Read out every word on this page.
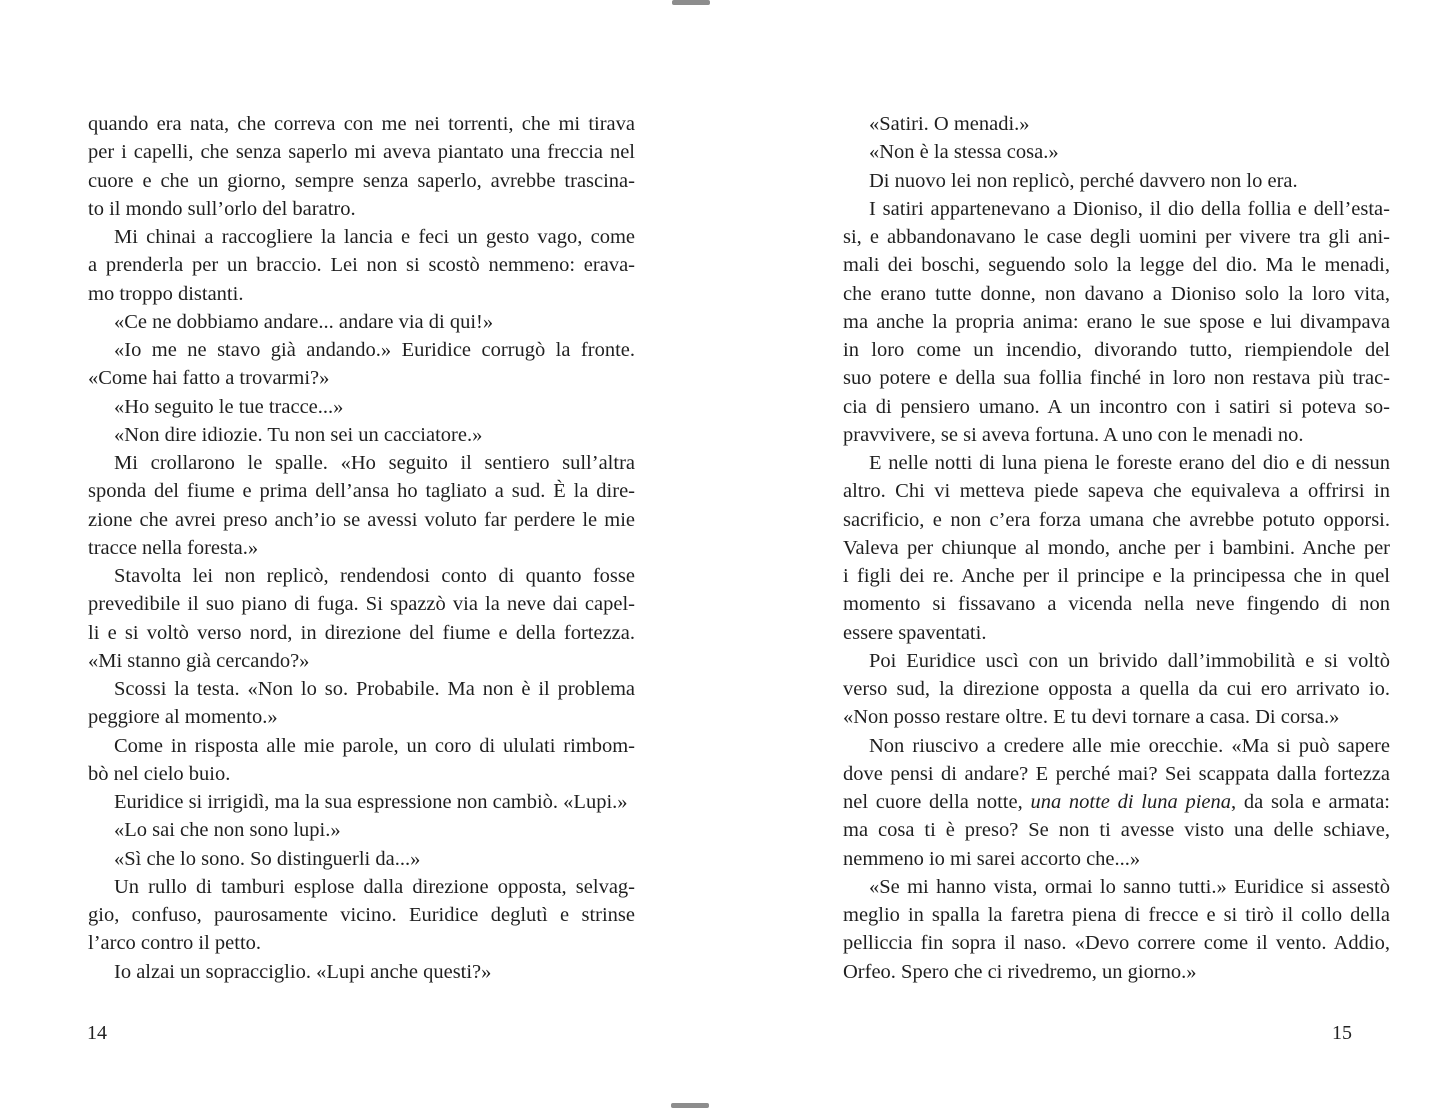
quando era nata, che correva con me nei torrenti, che mi tirava
per i capelli, che senza saperlo mi aveva piantato una freccia nel
cuore e che un giorno, sempre senza saperlo, avrebbe trascina-
to il mondo sull’orlo del baratro.
Mi chinai a raccogliere la lancia e feci un gesto vago, come
a prenderla per un braccio. Lei non si scostò nemmeno: erava-
mo troppo distanti.
«Ce ne dobbiamo andare... andare via di qui!»
«Io me ne stavo già andando.» Euridice corrugò la fronte.
«Come hai fatto a trovarmi?»
«Ho seguito le tue tracce...»
«Non dire idiozie. Tu non sei un cacciatore.»
Mi crollarono le spalle. «Ho seguito il sentiero sull’altra
sponda del fiume e prima dell’ansa ho tagliato a sud. È la dire-
zione che avrei preso anch’io se avessi voluto far perdere le mie
tracce nella foresta.»
Stavolta lei non replicò, rendendosi conto di quanto fosse
prevedibile il suo piano di fuga. Si spazzò via la neve dai capel-
li e si voltò verso nord, in direzione del fiume e della fortezza.
«Mi stanno già cercando?»
Scossi la testa. «Non lo so. Probabile. Ma non è il problema
peggiore al momento.»
Come in risposta alle mie parole, un coro di ululati rimbom-
bò nel cielo buio.
Euridice si irrigidì, ma la sua espressione non cambiò. «Lupi.»
«Lo sai che non sono lupi.»
«Sì che lo sono. So distinguerli da...»
Un rullo di tamburi esplose dalla direzione opposta, selvag-
gio, confuso, paurosamente vicino. Euridice deglutì e strinse
l’arco contro il petto.
Io alzai un sopracciglio. «Lupi anche questi?»
«Satiri. O menadi.»
«Non è la stessa cosa.»
Di nuovo lei non replicò, perché davvero non lo era.
I satiri appartenevano a Dioniso, il dio della follia e dell’esta-
si, e abbandonavano le case degli uomini per vivere tra gli ani-
mali dei boschi, seguendo solo la legge del dio. Ma le menadi,
che erano tutte donne, non davano a Dioniso solo la loro vita,
ma anche la propria anima: erano le sue spose e lui divampava
in loro come un incendio, divorando tutto, riempiendole del
suo potere e della sua follia finché in loro non restava più trac-
cia di pensiero umano. A un incontro con i satiri si poteva so-
pravvivere, se si aveva fortuna. A uno con le menadi no.
E nelle notti di luna piena le foreste erano del dio e di nessun
altro. Chi vi metteva piede sapeva che equivaleva a offrirsi in
sacrificio, e non c’era forza umana che avrebbe potuto opporsi.
Valeva per chiunque al mondo, anche per i bambini. Anche per
i figli dei re. Anche per il principe e la principessa che in quel
momento si fissavano a vicenda nella neve fingendo di non
essere spaventati.
Poi Euridice uscì con un brivido dall’immobilità e si voltò
verso sud, la direzione opposta a quella da cui ero arrivato io.
«Non posso restare oltre. E tu devi tornare a casa. Di corsa.»
Non riuscivo a credere alle mie orecchie. «Ma si può sapere
dove pensi di andare? E perché mai? Sei scappata dalla fortezza
nel cuore della notte, una notte di luna piena, da sola e armata:
ma cosa ti è preso? Se non ti avesse visto una delle schiave,
nemmeno io mi sarei accorto che...»
«Se mi hanno vista, ormai lo sanno tutti.» Euridice si assestò
meglio in spalla la faretra piena di frecce e si tirò il collo della
pelliccia fin sopra il naso. «Devo correre come il vento. Addio,
Orfeo. Spero che ci rivedremo, un giorno.»
14	15
